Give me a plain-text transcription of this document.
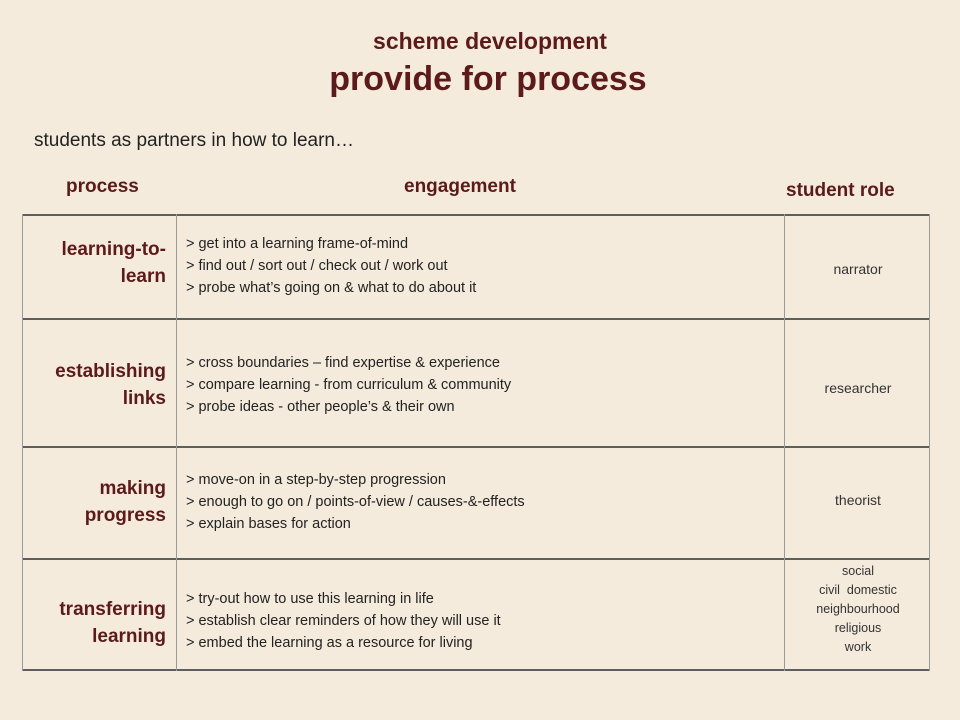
scheme development
provide for process
students as partners in how to learn…
process	engagement	student role
learning-to-
learn
> get into a learning frame-of-mind
> find out / sort out / check out / work out
> probe what’s going on & what to do about it
narrator
establishing
links
> cross boundaries – find expertise & experience
> compare learning - from curriculum & community
> probe ideas - other people’s & their own
researcher
making
progress
> move-on in a step-by-step progression
> enough to go on / points-of-view / causes-&-effects
> explain bases for action
theorist
transferring
learning
> try-out how to use this learning in life
> establish clear reminders of how they will use it
> embed the learning as a resource for living
social
civil  domestic
neighbourhood
religious
work
